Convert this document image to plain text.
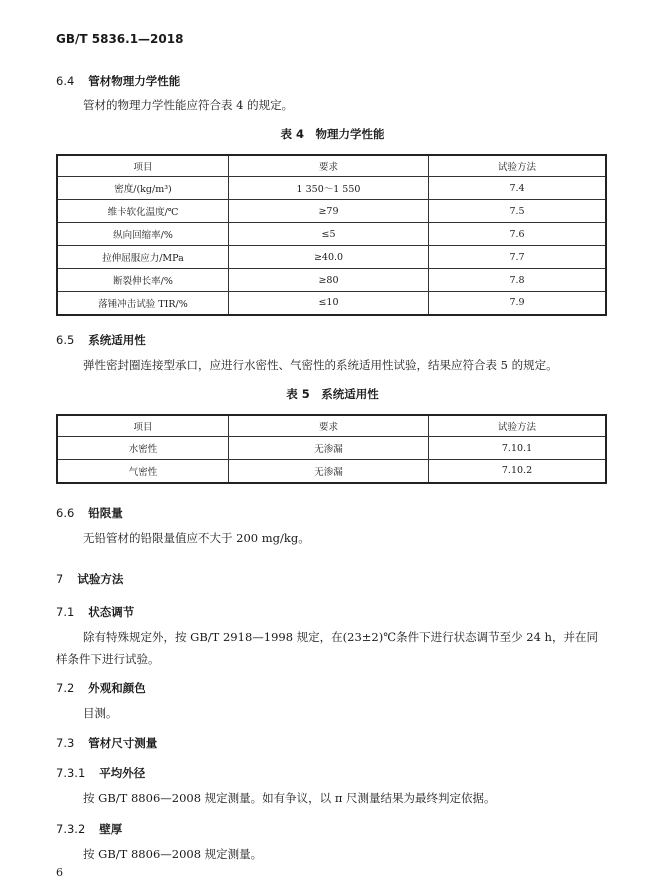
GB/T 5836.1—2018
6.4 管材物理力学性能
管材的物理力学性能应符合表 4 的规定。
表 4　物理力学性能
项目	要求	试验方法
密度/(kg/m³)	1 350～1 550	7.4
维卡软化温度/℃	≥79	7.5
纵向回缩率/%	≤5	7.6
拉伸屈服应力/MPa	≥40.0	7.7
断裂伸长率/%	≥80	7.8
落锤冲击试验 TIR/%	≤10	7.9
6.5 系统适用性
弹性密封圈连接型承口，应进行水密性、气密性的系统适用性试验，结果应符合表 5 的规定。
表 5　系统适用性
项目	要求	试验方法
水密性	无渗漏	7.10.1
气密性	无渗漏	7.10.2
6.6 铅限量
无铅管材的铅限量值应不大于 200 mg/kg。
7 试验方法
7.1 状态调节
除有特殊规定外，按 GB/T 2918—1998 规定，在(23±2)℃条件下进行状态调节至少 24 h，并在同
样条件下进行试验。
7.2 外观和颜色
目测。
7.3 管材尺寸测量
7.3.1 平均外径
按 GB/T 8806—2008 规定测量。如有争议，以 π 尺测量结果为最终判定依据。
7.3.2 壁厚
按 GB/T 8806—2008 规定测量。
6
